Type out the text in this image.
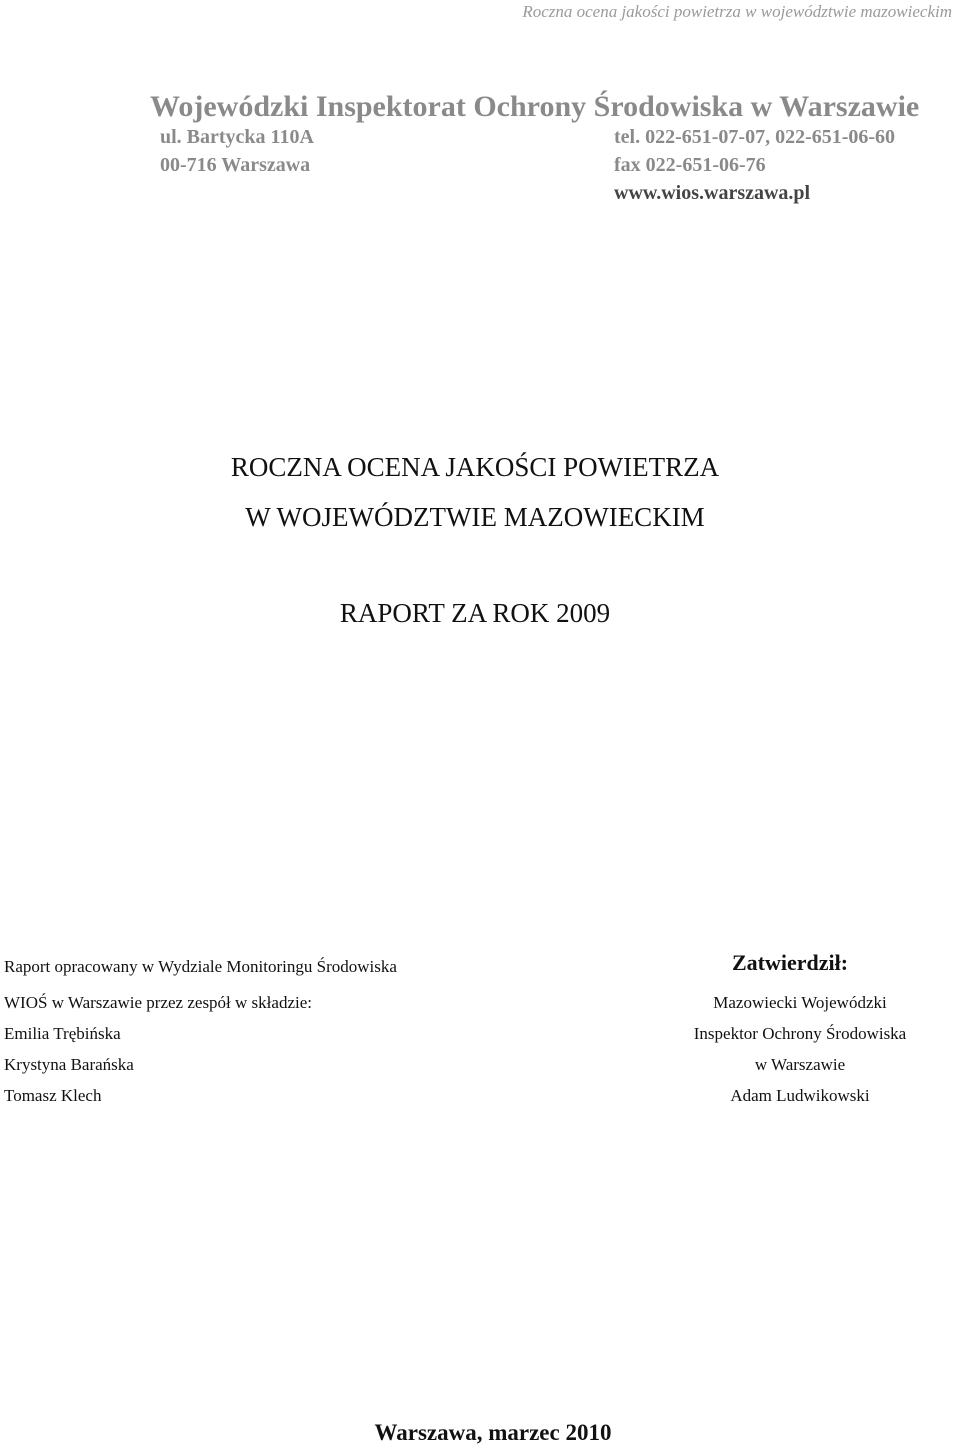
Roczna ocena jakości powietrza w województwie mazowieckim
Wojewódzki Inspektorat Ochrony Środowiska w Warszawie
ul. Bartycka 110A
00-716 Warszawa
tel. 022-651-07-07, 022-651-06-60
fax 022-651-06-76
www.wios.warszawa.pl
ROCZNA OCENA JAKOŚCI POWIETRZA
W WOJEWÓDZTWIE MAZOWIECKIM
RAPORT ZA ROK 2009
Raport opracowany w Wydziale Monitoringu Środowiska
WIOŚ w Warszawie przez zespół w składzie:
Emilia Trębińska
Krystyna Barańska
Tomasz Klech
Zatwierdził:
Mazowiecki Wojewódzki
Inspektor Ochrony Środowiska
w Warszawie
Adam Ludwikowski
Warszawa, marzec 2010
